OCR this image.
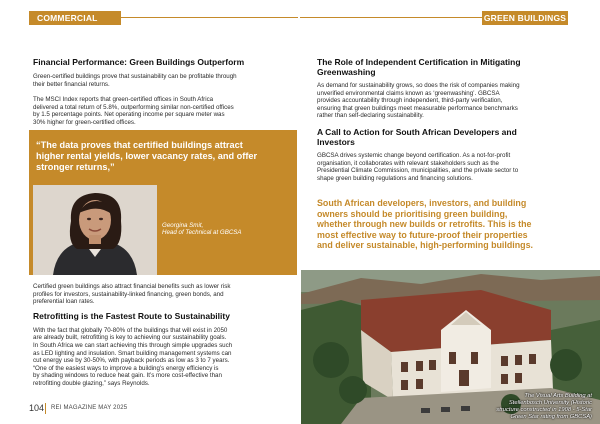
COMMERCIAL	GREEN BUILDINGS

Financial Performance: Green Buildings Outperform

Green-certified buildings prove that sustainability can be profitable through
their better financial returns.

The MSCI Index reports that green-certified offices in South Africa
delivered a total return of 5.8%, outperforming similar non-certified offices
by 1.5 percentage points. Net operating income per square meter was
30% higher for green-certified offices.

“The data proves that certified buildings attract
higher rental yields, lower vacancy rates, and offer
stronger returns,”
Georgina Smit,
Head of Technical at GBCSA

Certified green buildings also attract financial benefits such as lower risk
profiles for investors, sustainability-linked financing, green bonds, and
preferential loan rates.

Retrofitting is the Fastest Route to Sustainability

With the fact that globally 70-80% of the buildings that will exist in 2050
are already built, retrofitting is key to achieving our sustainability goals.
In South Africa we can start achieving this through simple upgrades such
as LED lighting and insulation. Smart building management systems can
cut energy use by 30-50%, with payback periods as low as 3 to 7 years.
“One of the easiest ways to improve a building’s energy efficiency is
by shading windows to reduce heat gain. It’s more cost-effective than
retrofitting double glazing,” says Reynolds.

The Role of Independent Certification in Mitigating
Greenwashing

As demand for sustainability grows, so does the risk of companies making
unverified environmental claims known as ‘greenwashing’. GBCSA
provides accountability through independent, third-party verification,
ensuring that green buildings meet measurable performance benchmarks
rather than self-declaring sustainability.

A Call to Action for South African Developers and
Investors

GBCSA drives systemic change beyond certification. As a not-for-profit
organisation, it collaborates with relevant stakeholders such as the
Presidential Climate Commission, municipalities, and the private sector to
shape green building regulations and financing solutions.

South African developers, investors, and building
owners should be prioritising green building,
whether through new builds or retrofits. This is the
most effective way to future-proof their properties
and deliver sustainable, high-performing buildings.
The Visual Arts Building at
Stellenbosch University (Historic
structure constructed in 1908 - 5-Star
Green Star rating from GBCSA)
104 REI MAGAZINE MAY 2025
